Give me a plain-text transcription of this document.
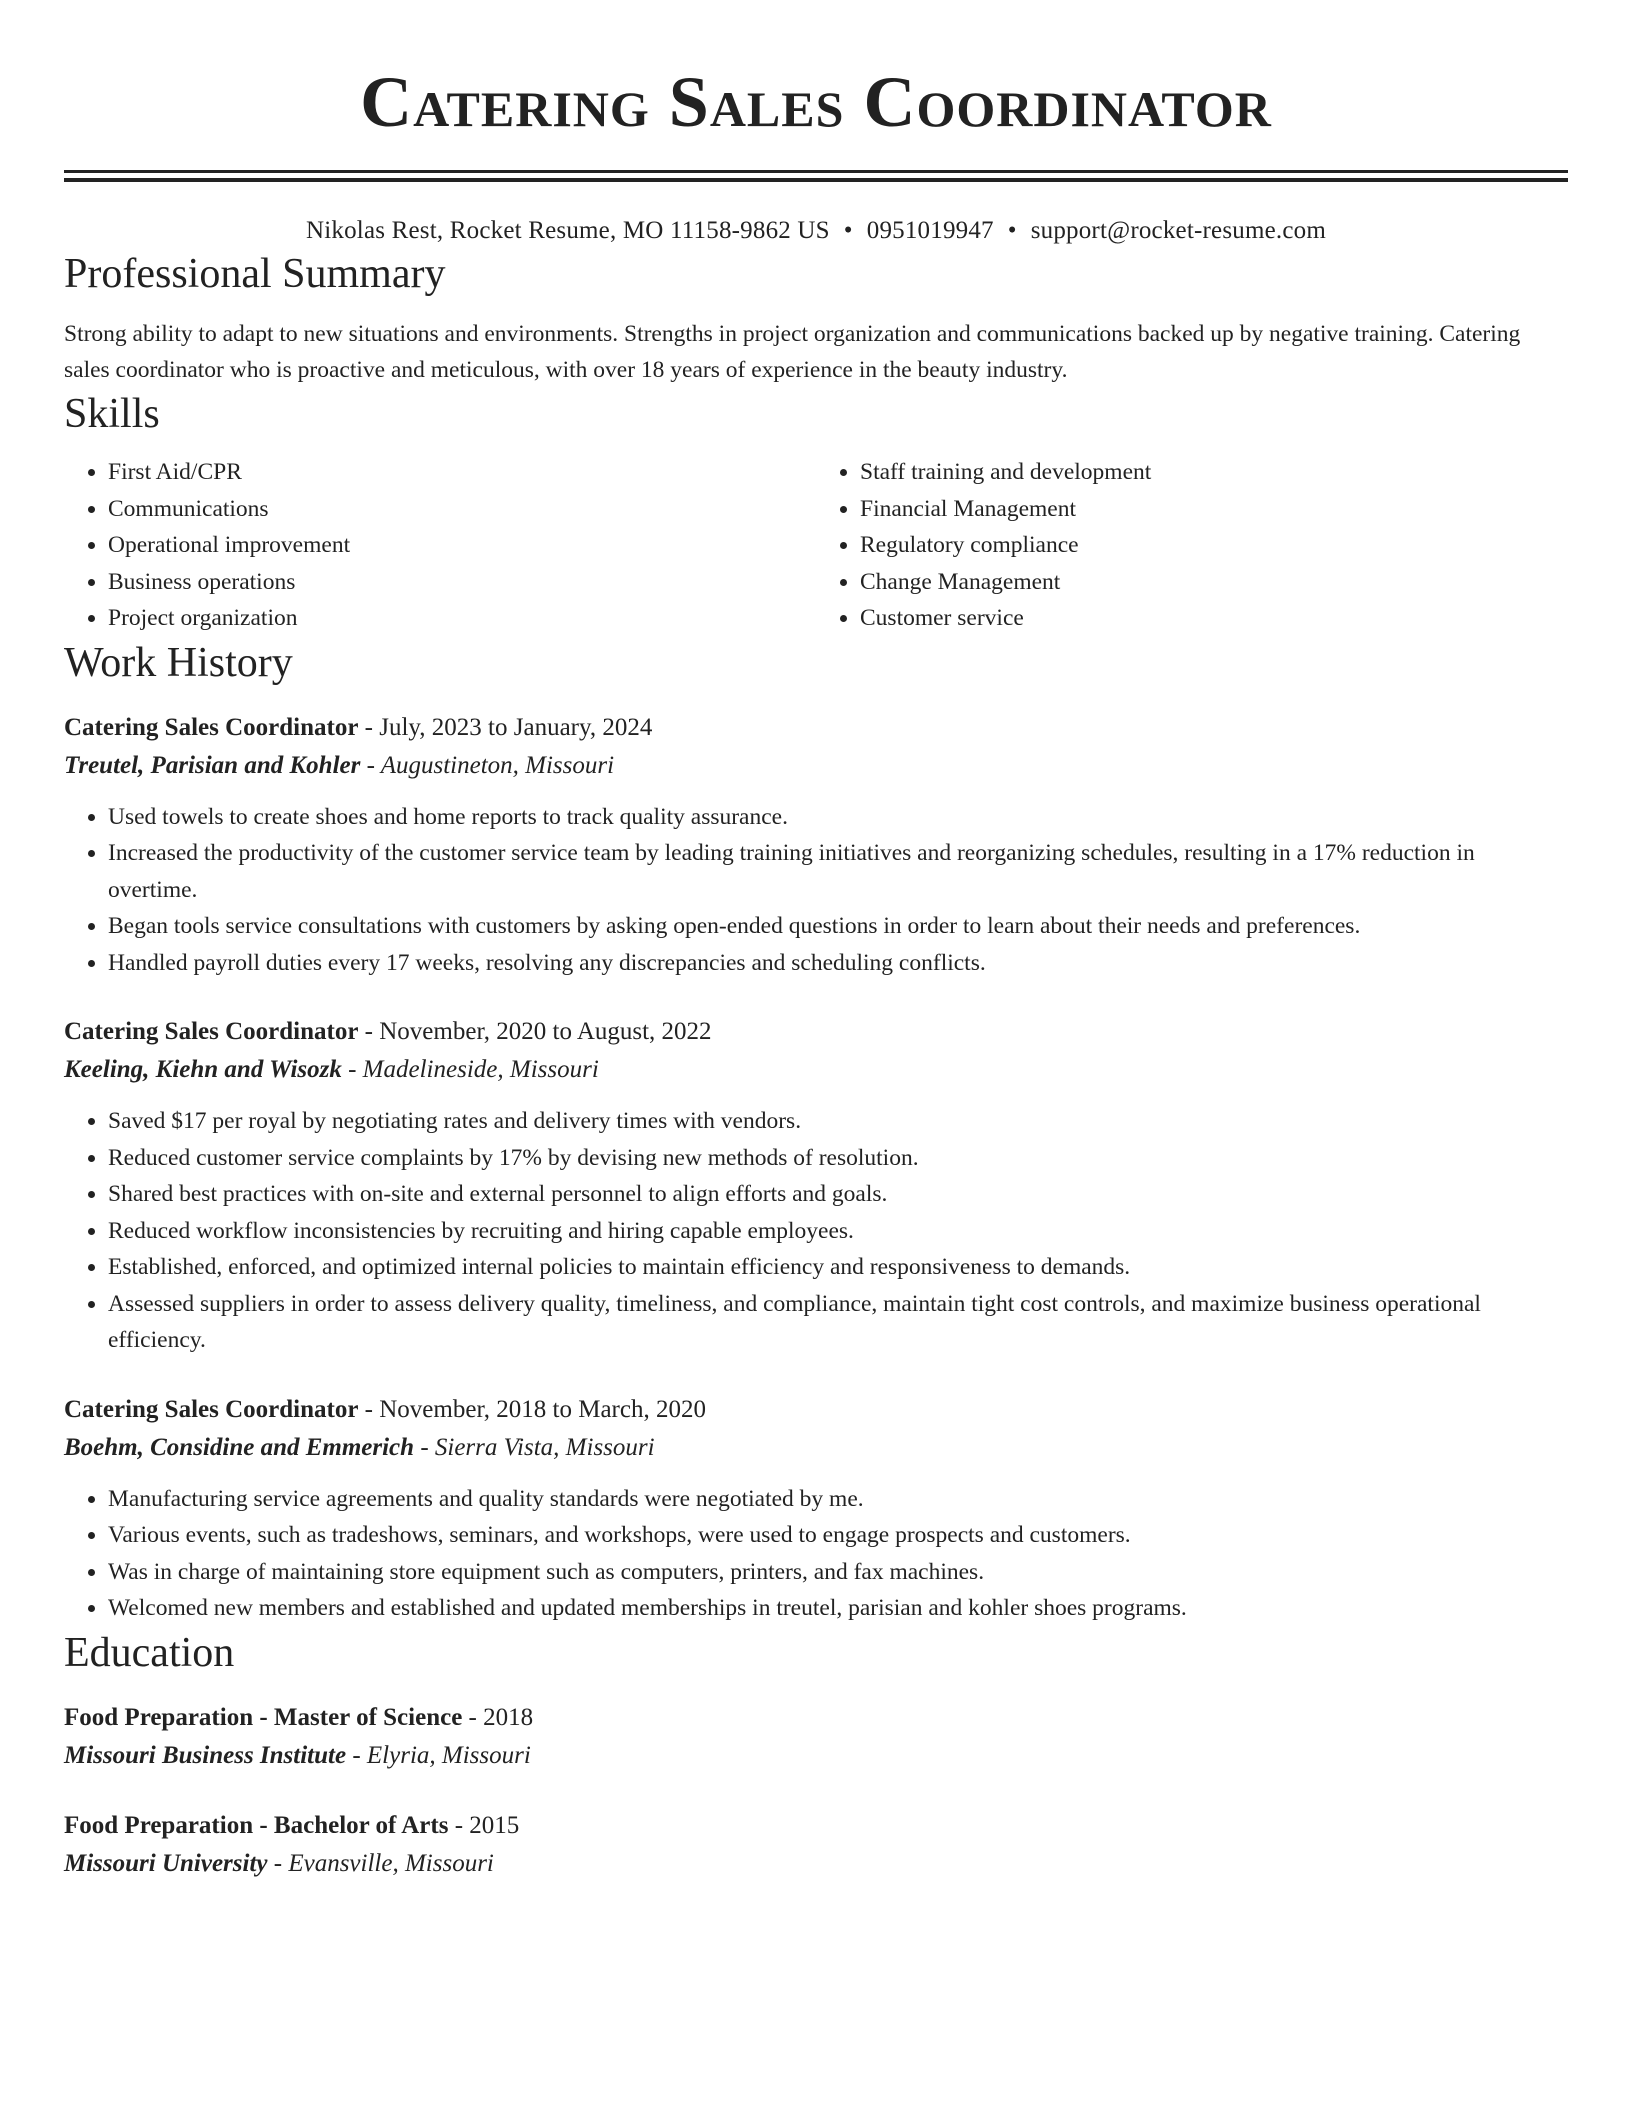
Catering Sales Coordinator
Nikolas Rest, Rocket Resume, MO 11158-9862 US • 0951019947 • support@rocket-resume.com
Professional Summary

Strong ability to adapt to new situations and environments. Strengths in project organization and communications backed up by negative training. Catering sales coordinator who is proactive and meticulous, with over 18 years of experience in the beauty industry.

Skills
• First Aid/CPR
• Communications
• Operational improvement
• Business operations
• Project organization
• Staff training and development
• Financial Management
• Regulatory compliance
• Change Management
• Customer service
Work History
Catering Sales Coordinator - July, 2023 to January, 2024
Treutel, Parisian and Kohler - Augustineton, Missouri
• Used towels to create shoes and home reports to track quality assurance.
• Increased the productivity of the customer service team by leading training initiatives and reorganizing schedules, resulting in a 17% reduction in overtime.
• Began tools service consultations with customers by asking open-ended questions in order to learn about their needs and preferences.
• Handled payroll duties every 17 weeks, resolving any discrepancies and scheduling conflicts.
Catering Sales Coordinator - November, 2020 to August, 2022
Keeling, Kiehn and Wisozk - Madelineside, Missouri
• Saved $17 per royal by negotiating rates and delivery times with vendors.
• Reduced customer service complaints by 17% by devising new methods of resolution.
• Shared best practices with on-site and external personnel to align efforts and goals.
• Reduced workflow inconsistencies by recruiting and hiring capable employees.
• Established, enforced, and optimized internal policies to maintain efficiency and responsiveness to demands.
• Assessed suppliers in order to assess delivery quality, timeliness, and compliance, maintain tight cost controls, and maximize business operational efficiency.
Catering Sales Coordinator - November, 2018 to March, 2020
Boehm, Considine and Emmerich - Sierra Vista, Missouri
• Manufacturing service agreements and quality standards were negotiated by me.
• Various events, such as tradeshows, seminars, and workshops, were used to engage prospects and customers.
• Was in charge of maintaining store equipment such as computers, printers, and fax machines.
• Welcomed new members and established and updated memberships in treutel, parisian and kohler shoes programs.
Education
Food Preparation - Master of Science - 2018
Missouri Business Institute - Elyria, Missouri
Food Preparation - Bachelor of Arts - 2015
Missouri University - Evansville, Missouri
